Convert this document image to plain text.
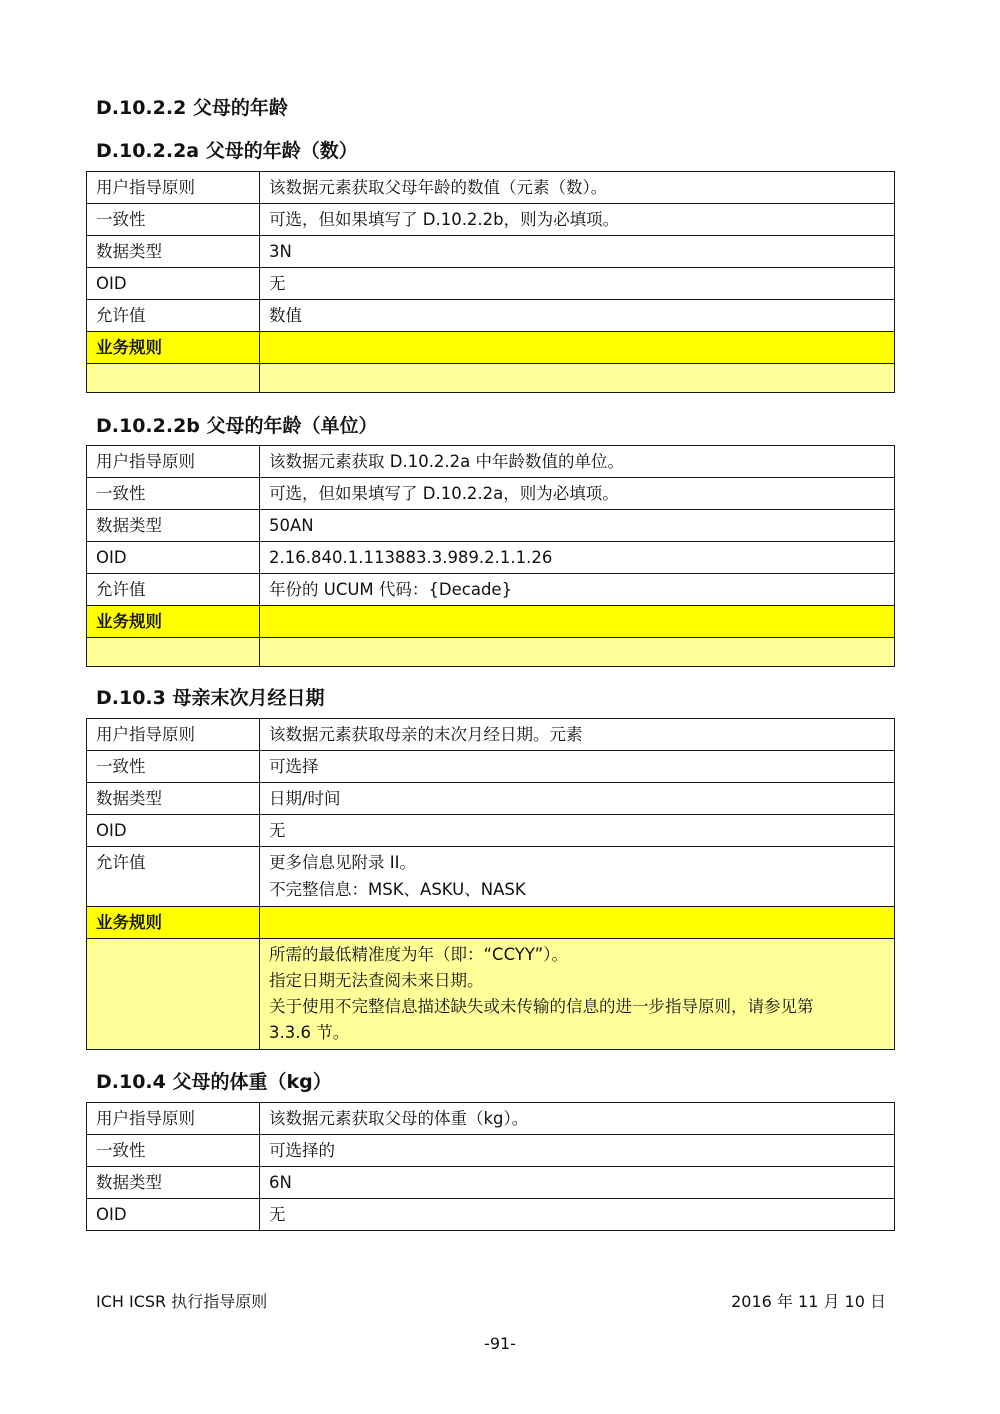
D.10.2.2 父母的年龄
D.10.2.2a 父母的年龄（数）
用户指导原则	该数据元素获取父母年龄的数值（元素（数）。
一致性	可选，但如果填写了 D.10.2.2b，则为必填项。
数据类型	3N
OID	无
允许值	数值
业务规则	

D.10.2.2b 父母的年龄（单位）
用户指导原则	该数据元素获取 D.10.2.2a 中年龄数值的单位。
一致性	可选，但如果填写了 D.10.2.2a，则为必填项。
数据类型	50AN
OID	2.16.840.1.113883.3.989.2.1.1.26
允许值	年份的 UCUM 代码：{Decade}
业务规则	

D.10.3 母亲末次月经日期
用户指导原则	该数据元素获取母亲的末次月经日期。元素
一致性	可选择
数据类型	日期/时间
OID	无
允许值	更多信息见附录 II。
不完整信息：MSK、ASKU、NASK

业务规则	

	所需的最低精准度为年（即：“CCYY”）。
指定日期无法查阅未来日期。
关于使用不完整信息描述缺失或未传输的信息的进一步指导原则，请参见第
3.3.6 节。
D.10.4 父母的体重（kg）
用户指导原则	该数据元素获取父母的体重（kg）。
一致性	可选择的
数据类型	6N
OID	无
ICH ICSR 执行指导原则	2016 年 11 月 10 日
-91-
